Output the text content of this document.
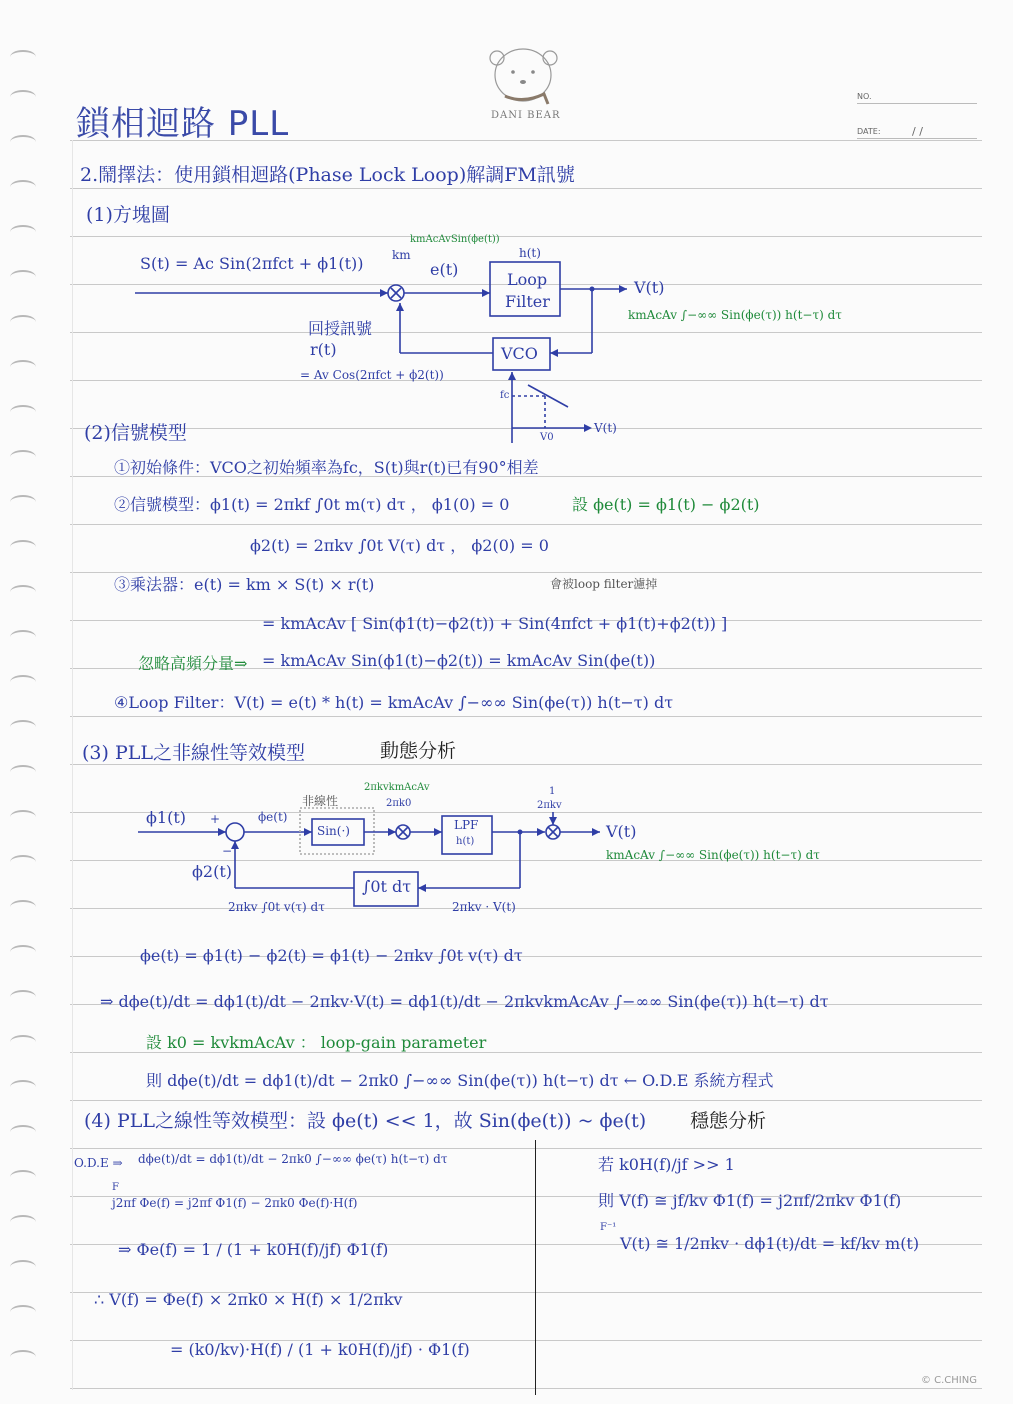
DANI BEAR
NO.
DATE:	/ /
鎖相迴路 PLL
2.鬧擇法：使用鎖相迴路(Phase Lock Loop)解調FM訊號
(1)方塊圖
S(t) = Ac Sin(2πfct + ϕ1(t)) km
kmAcAvSin(ϕe(t))
e(t)
h(t)
Loop
Filter
V(t)
kmAcAv ∫−∞∞ Sin(ϕe(τ)) h(t−τ) dτ
回授訊號
r(t)
= Av Cos(2πfct + ϕ2(t))
VCO
fc
V(t)
V0
(2)信號模型
①初始條件：VCO之初始頻率為fc，S(t)與r(t)已有90°相差
②信號模型：ϕ1(t) = 2πkf ∫0t m(τ) dτ ， ϕ1(0) = 0	設 ϕe(t) = ϕ1(t) − ϕ2(t)
ϕ2(t) = 2πkv ∫0t V(τ) dτ ， ϕ2(0) = 0
③乘法器：e(t) = km × S(t) × r(t)	會被loop filter濾掉
= kmAcAv [ Sin(ϕ1(t)−ϕ2(t)) + Sin(4πfct + ϕ1(t)+ϕ2(t)) ]
忽略高頻分量⇒ = kmAcAv Sin(ϕ1(t)−ϕ2(t)) = kmAcAv Sin(ϕe(t))
④Loop Filter：V(t) = e(t) * h(t) = kmAcAv ∫−∞∞ Sin(ϕe(τ)) h(t−τ) dτ
(3) PLL之非線性等效模型	動態分析
ϕ1(t) +
−
ϕe(t)
非線性
Sin(·)
2πkvkmAcAv
2πk0
LPF
h(t)
1
2πkv
V(t)
kmAcAv ∫−∞∞ Sin(ϕe(τ)) h(t−τ) dτ
ϕ2(t)
∫0t dτ
2πkv ∫0t v(τ) dτ	2πkv · V(t)
ϕe(t) = ϕ1(t) − ϕ2(t) = ϕ1(t) − 2πkv ∫0t v(τ) dτ
⇒ dϕe(t)/dt = dϕ1(t)/dt − 2πkv·V(t) = dϕ1(t)/dt − 2πkvkmAcAv ∫−∞∞ Sin(ϕe(τ)) h(t−τ) dτ
設 k0 = kvkmAcAv ： loop-gain parameter
則 dϕe(t)/dt = dϕ1(t)/dt − 2πk0 ∫−∞∞ Sin(ϕe(τ)) h(t−τ) dτ ← O.D.E 系統方程式
(4) PLL之線性等效模型：設 ϕe(t) << 1，故 Sin(ϕe(t)) ~ ϕe(t) 穩態分析
O.D.E ⇒ dϕe(t)/dt = dϕ1(t)/dt − 2πk0 ∫−∞∞ ϕe(τ) h(t−τ) dτ
F
j2πf Φe(f) = j2πf Φ1(f) − 2πk0 Φe(f)·H(f)
⇒ Φe(f) = 1 / (1 + k0H(f)/jf) Φ1(f)
∴ V(f) = Φe(f) × 2πk0 × H(f) × 1/2πkv
= (k0/kv)·H(f) / (1 + k0H(f)/jf) · Φ1(f)
若 k0H(f)/jf >> 1
則 V(f) ≅ jf/kv Φ1(f) = j2πf/2πkv Φ1(f)
F⁻¹
V(t) ≅ 1/2πkv · dϕ1(t)/dt = kf/kv m(t)
© C.CHING
